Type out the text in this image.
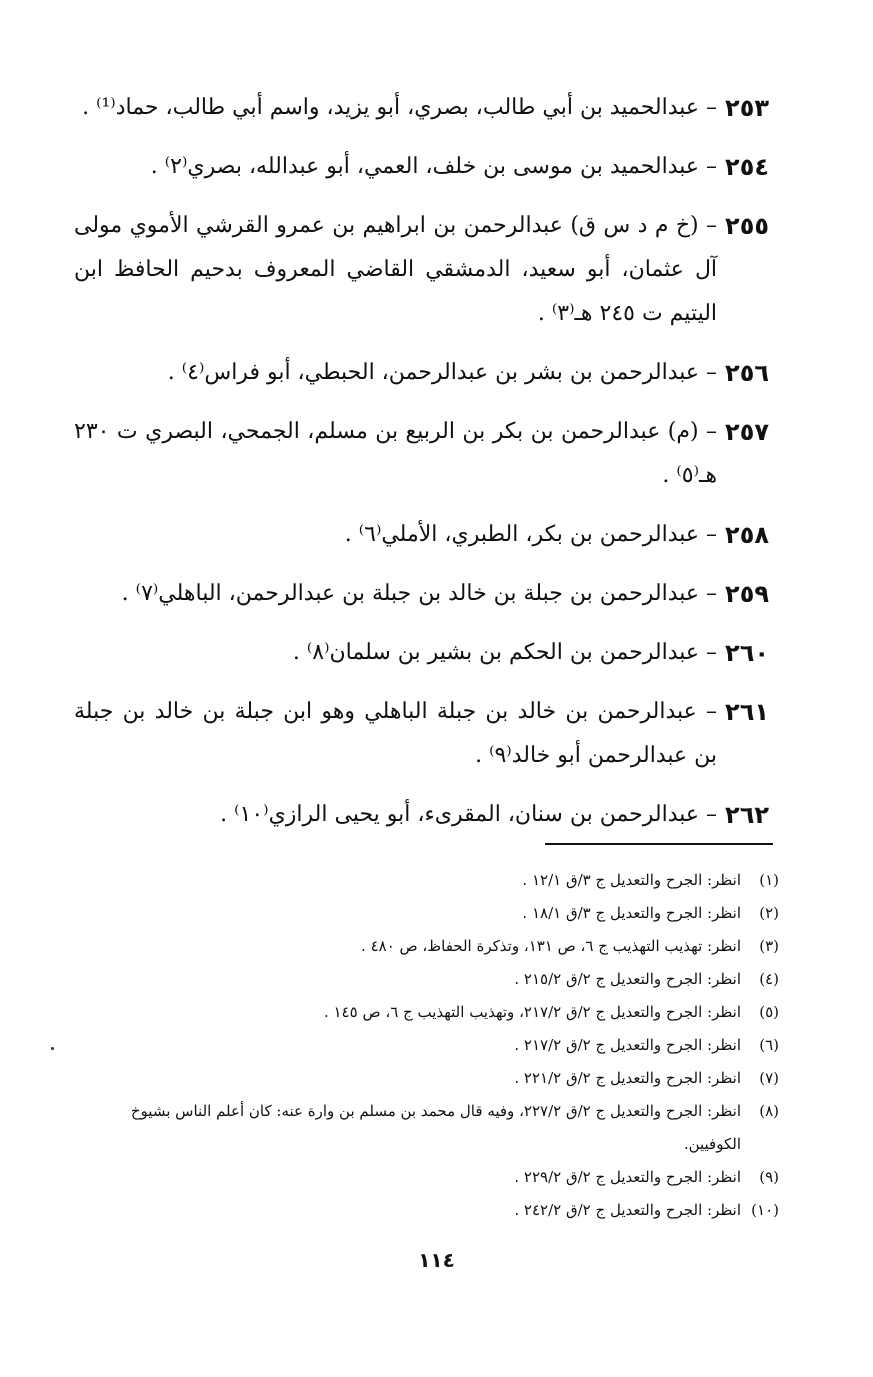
٢٥٣
– عبدالحميد بن أبي طالب، بصري، أبو يزيد، واسم أبي طالب، حماد⁽¹⁾ .
٢٥٤
– عبدالحميد بن موسى بن خلف، العمي، أبو عبدالله، بصري⁽٢⁾ .
٢٥٥
– (خ م د س ق) عبدالرحمن بن ابراهيم بن عمرو القرشي الأموي مولى آل عثمان، أبو سعيد، الدمشقي القاضي المعروف بدحيم الحافظ ابن اليتيم ت ٢٤٥ هـ⁽٣⁾ .
٢٥٦
– عبدالرحمن بن بشر بن عبدالرحمن، الحبطي، أبو فراس⁽٤⁾ .
٢٥٧
– (م) عبدالرحمن بن بكر بن الربيع بن مسلم، الجمحي، البصري ت ٢٣٠ هـ⁽٥⁾ .
٢٥٨
– عبدالرحمن بن بكر، الطبري، الأملي⁽٦⁾ .
٢٥٩
– عبدالرحمن بن جبلة بن خالد بن جبلة بن عبدالرحمن، الباهلي⁽٧⁾ .
٢٦٠
– عبدالرحمن بن الحكم بن بشير بن سلمان⁽٨⁾ .
٢٦١
– عبدالرحمن بن خالد بن جبلة الباهلي وهو ابن جبلة بن خالد بن جبلة بن عبدالرحمن أبو خالد⁽٩⁾ .
٢٦٢
– عبدالرحمن بن سنان، المقرىء، أبو يحيى الرازي⁽١٠⁾ .
(١)
انظر: الجرح والتعديل ج ٣/ق ١٢/١ .
(٢)
انظر: الجرح والتعديل ج ٣/ق ١٨/١ .
(٣)
انظر: تهذيب التهذيب ج ٦، ص ١٣١، وتذكرة الحفاظ، ص ٤٨٠ .
(٤)
انظر: الجرح والتعديل ج ٢/ق ٢١٥/٢ .
(٥)
انظر: الجرح والتعديل ج ٢/ق ٢١٧/٢، وتهذيب التهذيب ج ٦، ص ١٤٥ .
(٦)
انظر: الجرح والتعديل ج ٢/ق ٢١٧/٢ .
(٧)
انظر: الجرح والتعديل ج ٢/ق ٢٢١/٢ .
(٨)
انظر: الجرح والتعديل ج ٢/ق ٢٢٧/٢، وفيه قال محمد بن مسلم بن وارة عنه: كان أعلم الناس بشيوخ الكوفيين.
(٩)
انظر: الجرح والتعديل ج ٢/ق ٢٢٩/٢ .
(١٠)
انظر: الجرح والتعديل ج ٢/ق ٢٤٢/٢ .
١١٤
